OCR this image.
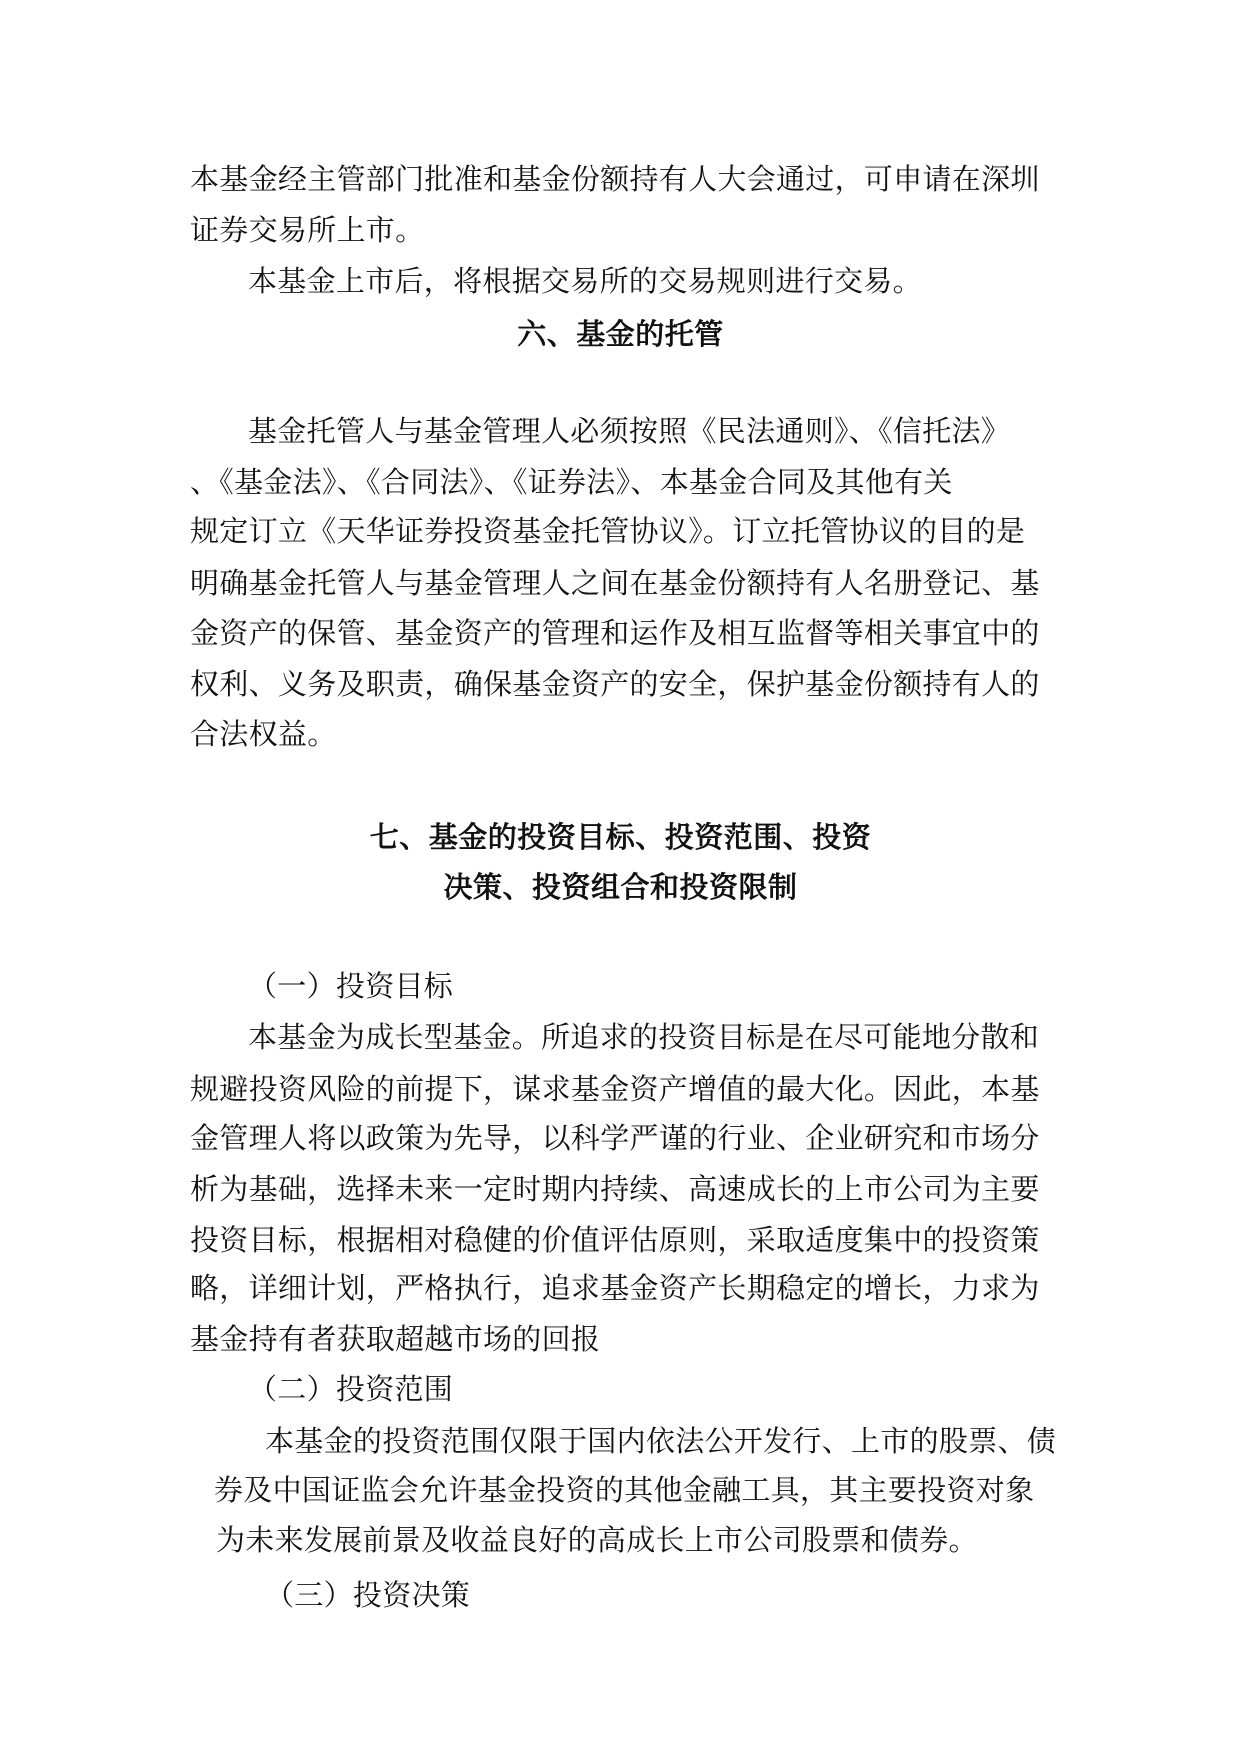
本基金经主管部门批准和基金份额持有人大会通过，可申请在深圳
证券交易所上市。
本基金上市后，将根据交易所的交易规则进行交易。
六、基金的托管
基金托管人与基金管理人必须按照《民法通则》、《信托法》
、《基金法》、《合同法》、《证券法》、本基金合同及其他有关
规定订立《天华证券投资基金托管协议》。订立托管协议的目的是
明确基金托管人与基金管理人之间在基金份额持有人名册登记、基
金资产的保管、基金资产的管理和运作及相互监督等相关事宜中的
权利、义务及职责，确保基金资产的安全，保护基金份额持有人的
合法权益。
七、基金的投资目标、投资范围、投资
决策、投资组合和投资限制
（一）投资目标
本基金为成长型基金。所追求的投资目标是在尽可能地分散和
规避投资风险的前提下，谋求基金资产增值的最大化。因此，本基
金管理人将以政策为先导，以科学严谨的行业、企业研究和市场分
析为基础，选择未来一定时期内持续、高速成长的上市公司为主要
投资目标，根据相对稳健的价值评估原则，采取适度集中的投资策
略，详细计划，严格执行，追求基金资产长期稳定的增长，力求为
基金持有者获取超越市场的回报
（二）投资范围
本基金的投资范围仅限于国内依法公开发行、上市的股票、债
券及中国证监会允许基金投资的其他金融工具，其主要投资对象
为未来发展前景及收益良好的高成长上市公司股票和债券。
（三）投资决策
